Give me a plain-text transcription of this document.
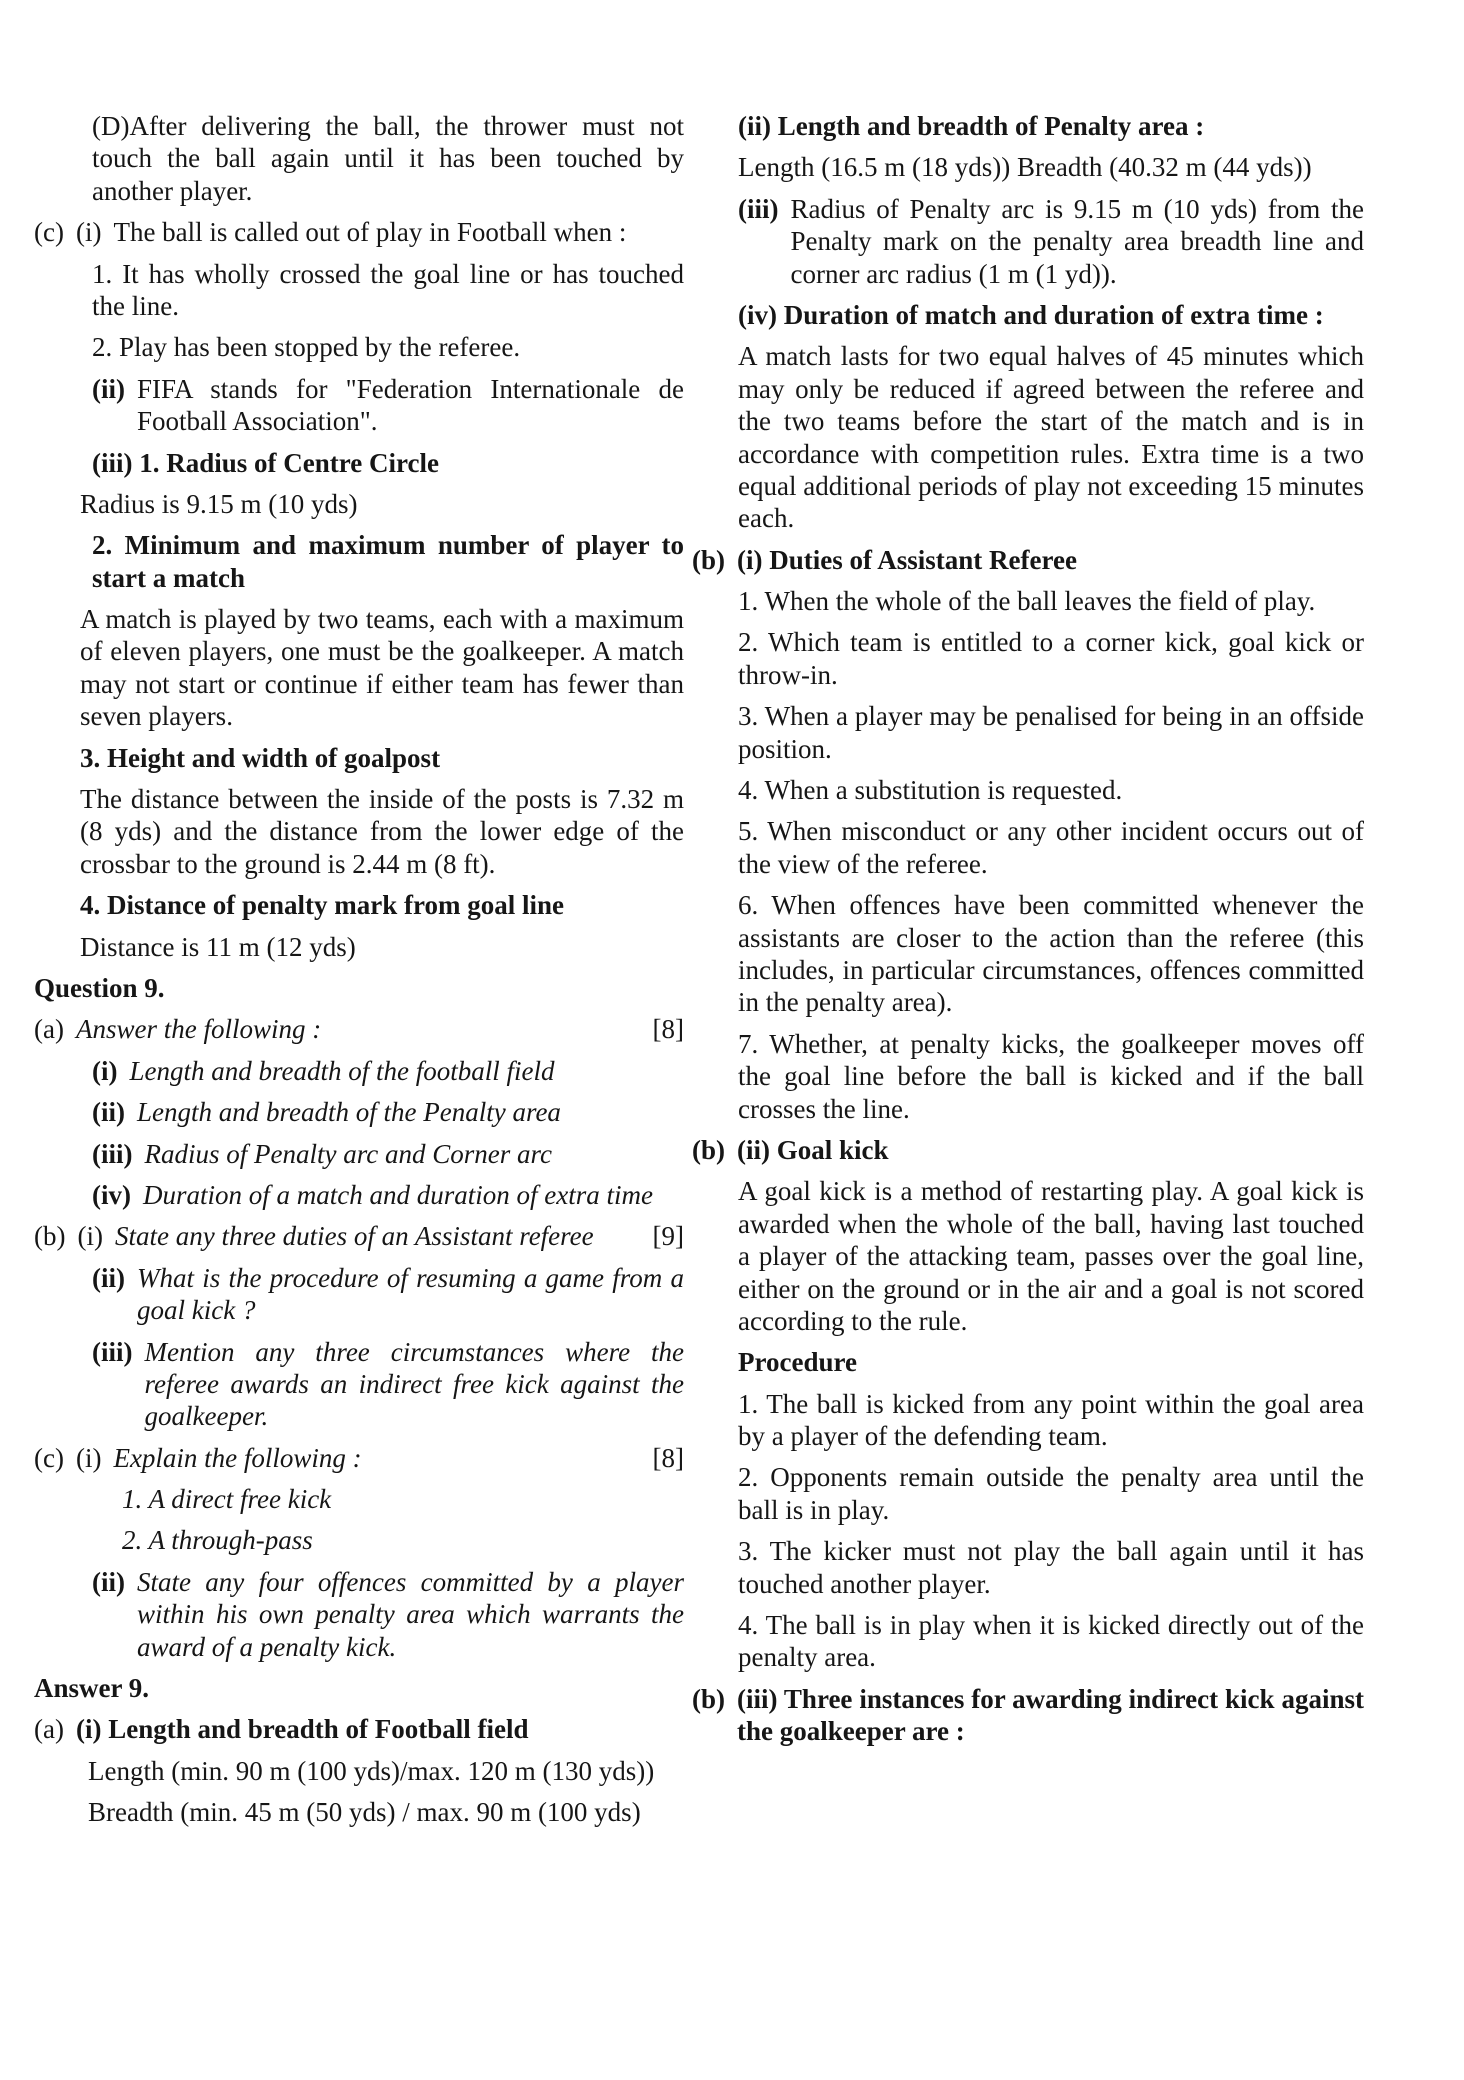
(D)After delivering the ball, the thrower must not touch the ball again until it has been touched by another player.

(c) (i) The ball is called out of play in Football when :

1. It has wholly crossed the goal line or has touched the line.

2. Play has been stopped by the referee.

(ii) FIFA stands for "Federation Internationale de Football Association".

(iii) 1. Radius of Centre Circle

Radius is 9.15 m (10 yds)

2. Minimum and maximum number of player to start a match

A match is played by two teams, each with a maximum of eleven players, one must be the goalkeeper. A match may not start or continue if either team has fewer than seven players.

3. Height and width of goalpost

The distance between the inside of the posts is 7.32 m (8 yds) and the distance from the lower edge of the crossbar to the ground is 2.44 m (8 ft).

4. Distance of penalty mark from goal line

Distance is 11 m (12 yds)

Question 9.

(a) Answer the following :	[8]
(i) Length and breadth of the football field
(ii) Length and breadth of the Penalty area
(iii) Radius of Penalty arc and Corner arc
(iv) Duration of a match and duration of extra time
(b) (i) State any three duties of an Assistant referee	[9]
(ii) What is the procedure of resuming a game from a goal kick ?
(iii) Mention any three circumstances where the referee awards an indirect free kick against the goalkeeper.
(c) (i) Explain the following :	[8]

1. A direct free kick

2. A through-pass

(ii) State any four offences committed by a player within his own penalty area which warrants the award of a penalty kick.

Answer 9.

(a) (i) Length and breadth of Football field

Length (min. 90 m (100 yds)/max. 120 m (130 yds))

Breadth (min. 45 m (50 yds) / max. 90 m (100 yds)

(ii) Length and breadth of Penalty area :

Length (16.5 m (18 yds)) Breadth (40.32 m (44 yds))

(iii) Radius of Penalty arc is 9.15 m (10 yds) from the Penalty mark on the penalty area breadth line and corner arc radius (1 m (1 yd)).

(iv) Duration of match and duration of extra time :

A match lasts for two equal halves of 45 minutes which may only be reduced if agreed between the referee and the two teams before the start of the match and is in accordance with competition rules. Extra time is a two equal additional periods of play not exceeding 15 minutes each.

(b) (i) Duties of Assistant Referee

1. When the whole of the ball leaves the field of play.

2. Which team is entitled to a corner kick, goal kick or throw-in.

3. When a player may be penalised for being in an offside position.

4. When a substitution is requested.

5. When misconduct or any other incident occurs out of the view of the referee.

6. When offences have been committed whenever the assistants are closer to the action than the referee (this includes, in particular circumstances, offences committed in the penalty area).

7. Whether, at penalty kicks, the goalkeeper moves off the goal line before the ball is kicked and if the ball crosses the line.

(b) (ii) Goal kick

A goal kick is a method of restarting play. A goal kick is awarded when the whole of the ball, having last touched a player of the attacking team, passes over the goal line, either on the ground or in the air and a goal is not scored according to the rule.

Procedure

1. The ball is kicked from any point within the goal area by a player of the defending team.

2. Opponents remain outside the penalty area until the ball is in play.

3. The kicker must not play the ball again until it has touched another player.

4. The ball is in play when it is kicked directly out of the penalty area.

(b) (iii) Three instances for awarding indirect kick against the goalkeeper are :
